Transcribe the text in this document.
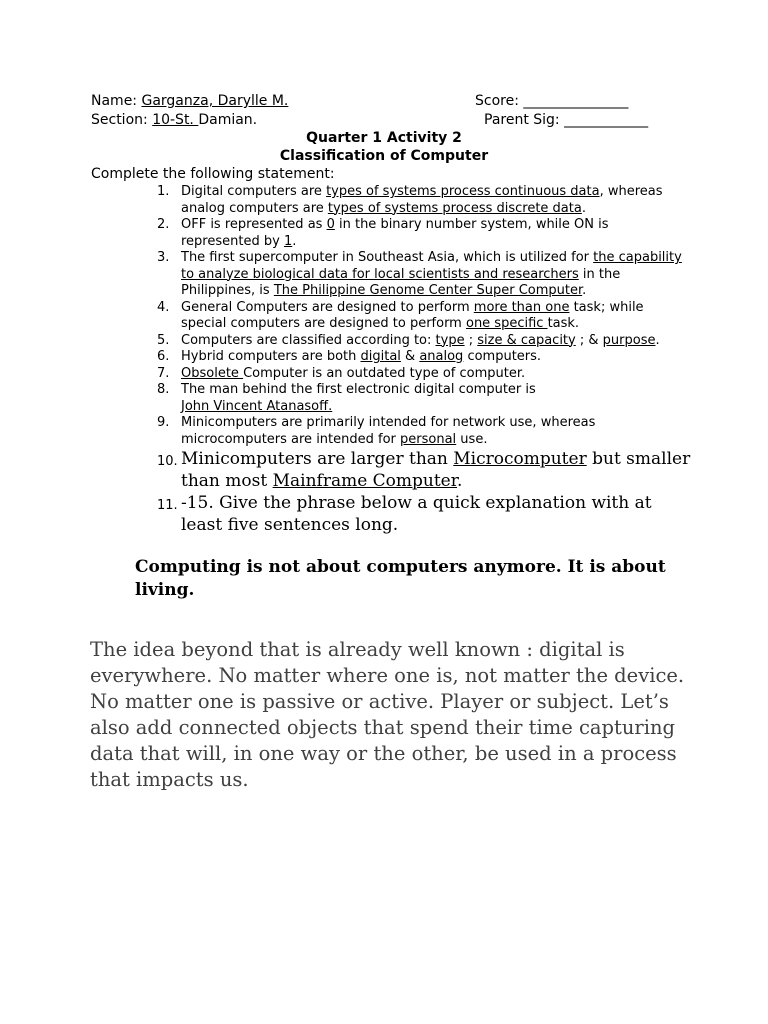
Name: Garganza, Darylle M.	Score: _______________
Section: 10-St. Damian.	Parent Sig: ____________
Quarter 1 Activity 2
Classification of Computer
Complete the following statement:
1. Digital computers are types of systems process continuous data, whereas analog computers are types of systems process discrete data.
2. OFF is represented as 0 in the binary number system, while ON is represented by 1.
3. The first supercomputer in Southeast Asia, which is utilized for the capability to analyze biological data for local scientists and researchers in the Philippines, is The Philippine Genome Center Super Computer.
4. General Computers are designed to perform more than one task; while special computers are designed to perform one specific task.
5. Computers are classified according to: type ; size & capacity ; & purpose.
6. Hybrid computers are both digital & analog computers.
7. Obsolete Computer is an outdated type of computer.
8. The man behind the first electronic digital computer is
John Vincent Atanasoff.
9. Minicomputers are primarily intended for network use, whereas microcomputers are intended for personal use.
10. Minicomputers are larger than Microcomputer but smaller than most Mainframe Computer.
11. -15. Give the phrase below a quick explanation with at least five sentences long.
Computing is not about computers anymore. It is about living.
The idea beyond that is already well known : digital is everywhere. No matter where one is, not matter the device. No matter one is passive or active. Player or subject. Let’s also add connected objects that spend their time capturing data that will, in one way or the other, be used in a process that impacts us.
